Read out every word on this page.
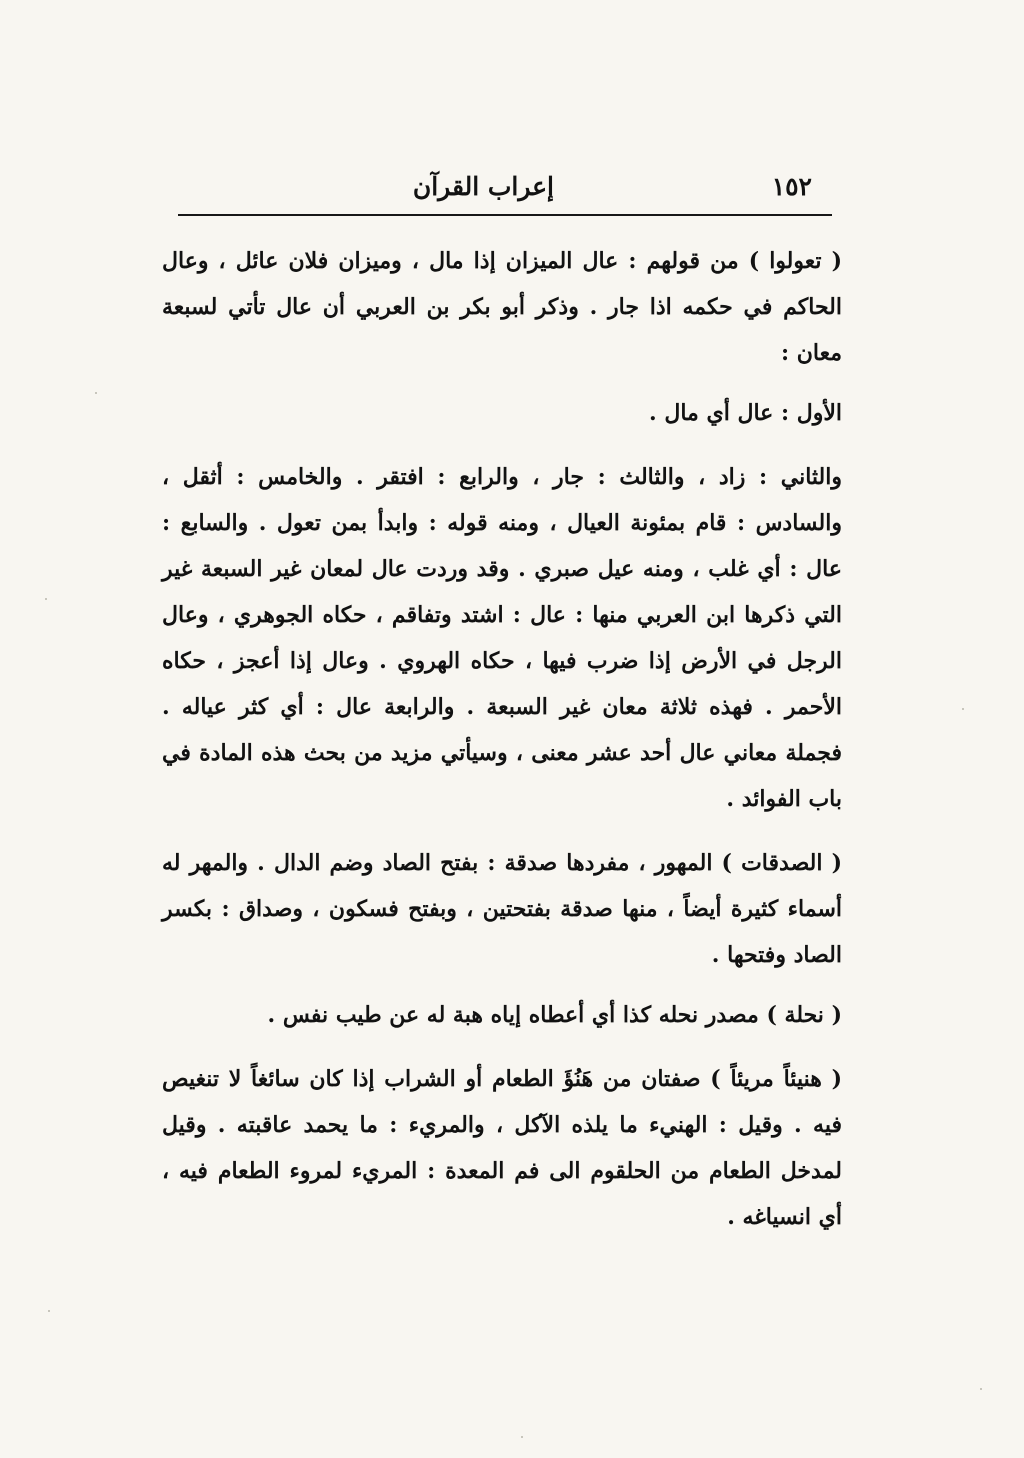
١٥٢
إعراب القرآن

( تعولوا ) من قولهم : عال الميزان إذا مال ، وميزان فلان عائل ، وعال الحاكم في حكمه اذا جار . وذكر أبو بكر بن العربي أن عال تأتي لسبعة معان :

الأول : عال أي مال .

والثاني : زاد ، والثالث : جار ، والرابع : افتقر . والخامس : أثقل ، والسادس : قام بمئونة العيال ، ومنه قوله : وابدأ بمن تعول . والسابع : عال : أي غلب ، ومنه عيل صبري . وقد وردت عال لمعان غير السبعة غير التي ذكرها ابن العربي منها : عال : اشتد وتفاقم ، حكاه الجوهري ، وعال الرجل في الأرض إذا ضرب فيها ، حكاه الهروي . وعال إذا أعجز ، حكاه الأحمر . فهذه ثلاثة معان غير السبعة . والرابعة عال : أي كثر عياله . فجملة معاني عال أحد عشر معنى ، وسيأتي مزيد من بحث هذه المادة في باب الفوائد .

( الصدقات ) المهور ، مفردها صدقة : بفتح الصاد وضم الدال . والمهر له أسماء كثيرة أيضاً ، منها صدقة بفتحتين ، وبفتح فسكون ، وصداق : بكسر الصاد وفتحها .

( نحلة ) مصدر نحله كذا أي أعطاه إياه هبة له عن طيب نفس .

( هنيئاً مريئاً ) صفتان من هَنُؤَ الطعام أو الشراب إذا كان سائغاً لا تنغيص فيه . وقيل : الهنيء ما يلذه الآكل ، والمريء : ما يحمد عاقبته . وقيل لمدخل الطعام من الحلقوم الى فم المعدة : المريء لمروء الطعام فيه ، أي انسياغه .
